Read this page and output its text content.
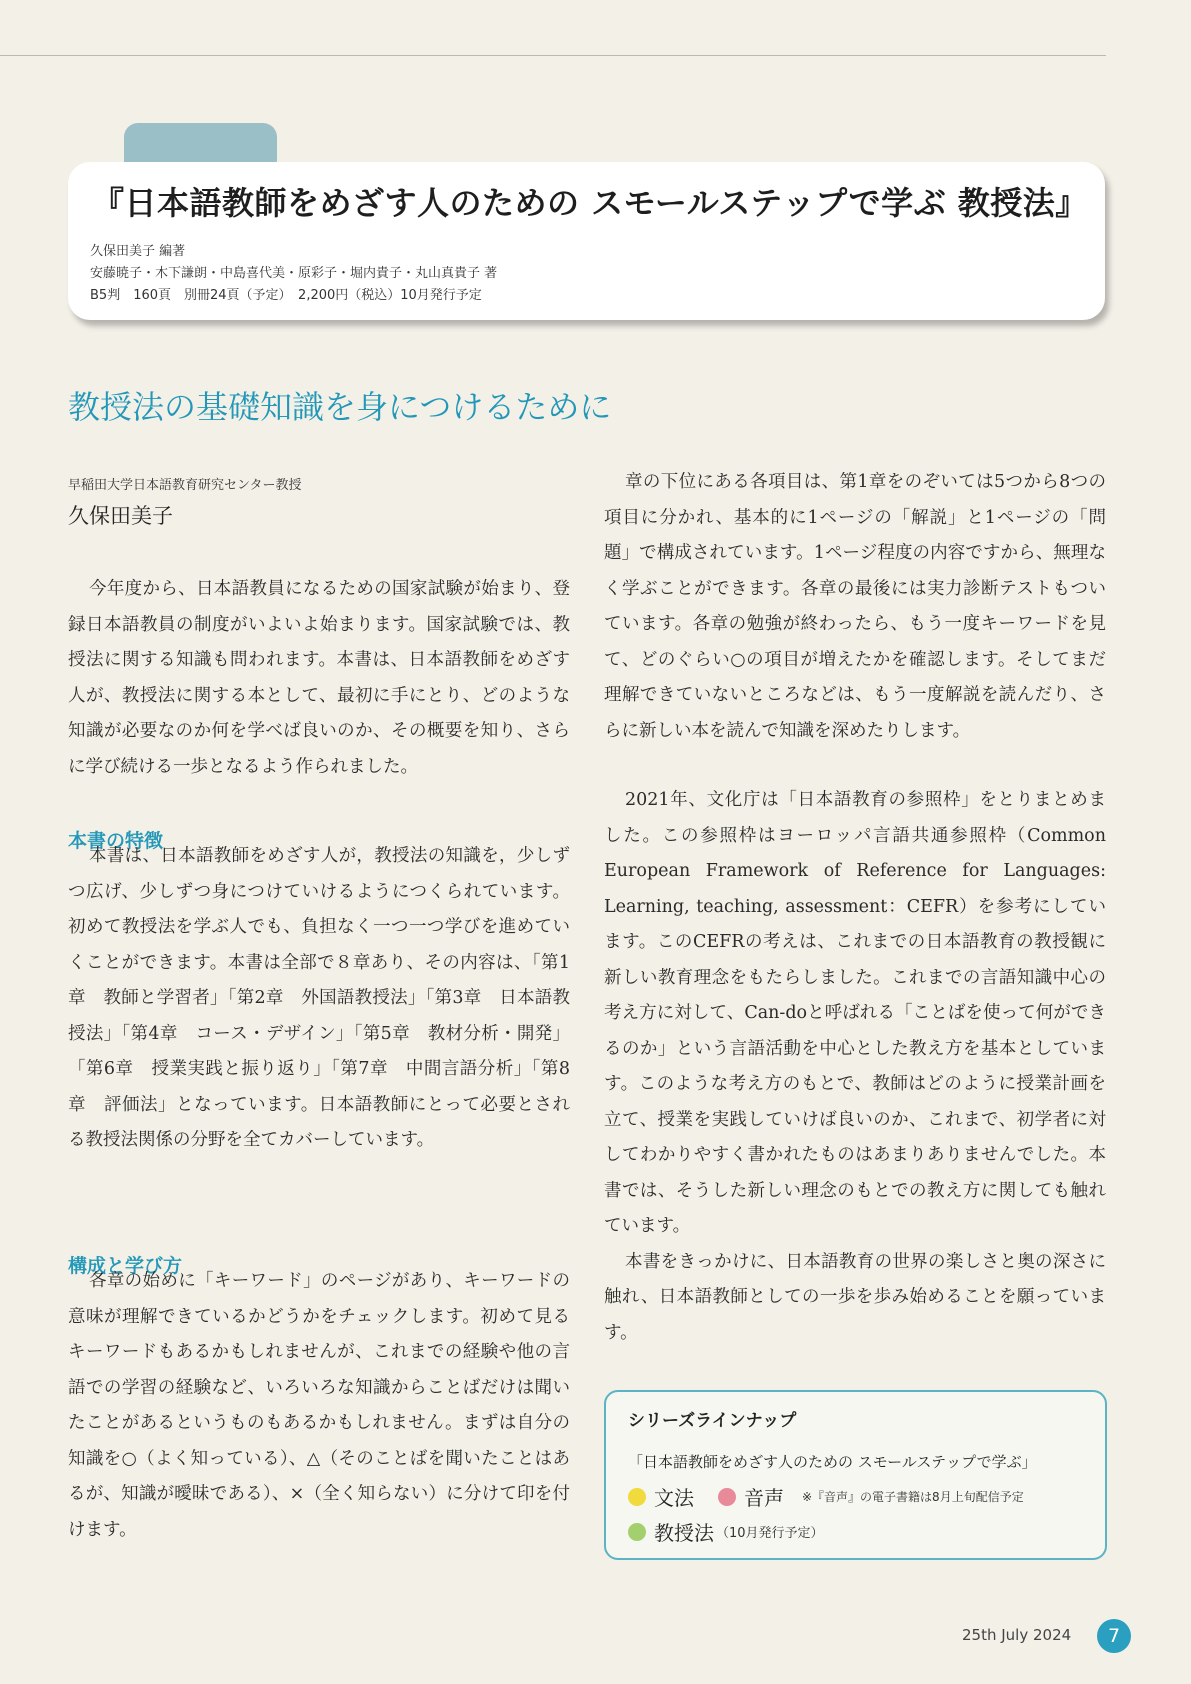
『日本語教師をめざす人のための スモールステップで学ぶ 教授法』
久保田美子 編著
安藤暁子・木下謙朗・中島喜代美・原彩子・堀内貴子・丸山真貴子 著
B5判　160頁　別冊24頁（予定）　2,200円（税込）10月発行予定
教授法の基礎知識を身につけるために
早稲田大学日本語教育研究センター教授
久保田美子

今年度から、日本語教員になるための国家試験が始まり、登録日本語教員の制度がいよいよ始まります。国家試験では、教授法に関する知識も問われます。本書は、日本語教師をめざす人が、教授法に関する本として、最初に手にとり、どのような知識が必要なのか何を学べば良いのか、その概要を知り、さらに学び続ける一歩となるよう作られました。

本書の特徴

本書は、日本語教師をめざす人が，教授法の知識を，少しずつ広げ、少しずつ身につけていけるようにつくられています。初めて教授法を学ぶ人でも、負担なく一つ一つ学びを進めていくことができます。本書は全部で８章あり、その内容は、「第1章　教師と学習者」「第2章　外国語教授法」「第3章　日本語教授法」「第4章　コース・デザイン」「第5章　教材分析・開発」「第6章　授業実践と振り返り」「第7章　中間言語分析」「第8章　評価法」となっています。日本語教師にとって必要とされる教授法関係の分野を全てカバーしています。

構成と学び方

各章の始めに「キーワード」のページがあり、キーワードの意味が理解できているかどうかをチェックします。初めて見るキーワードもあるかもしれませんが、これまでの経験や他の言語での学習の経験など、いろいろな知識からことばだけは聞いたことがあるというものもあるかもしれません。まずは自分の知識を○（よく知っている）、△（そのことばを聞いたことはあるが、知識が曖昧である）、×（全く知らない）に分けて印を付けます。

章の下位にある各項目は、第1章をのぞいては5つから8つの項目に分かれ、基本的に1ページの「解説」と1ページの「問題」で構成されています。1ページ程度の内容ですから、無理なく学ぶことができます。各章の最後には実力診断テストもついています。各章の勉強が終わったら、もう一度キーワードを見て、どのぐらい○の項目が増えたかを確認します。そしてまだ理解できていないところなどは、もう一度解説を読んだり、さらに新しい本を読んで知識を深めたりします。

2021年、文化庁は「日本語教育の参照枠」をとりまとめました。この参照枠はヨーロッパ言語共通参照枠（Common European Framework of Reference for Languages: Learning, teaching, assessment：CEFR）を参考にしています。このCEFRの考えは、これまでの日本語教育の教授観に新しい教育理念をもたらしました。これまでの言語知識中心の考え方に対して、Can-doと呼ばれる「ことばを使って何ができるのか」という言語活動を中心とした教え方を基本としています。このような考え方のもとで、教師はどのように授業計画を立て、授業を実践していけば良いのか、これまで、初学者に対してわかりやすく書かれたものはあまりありませんでした。本書では、そうした新しい理念のもとでの教え方に関しても触れています。

本書をきっかけに、日本語教育の世界の楽しさと奥の深さに触れ、日本語教師としての一歩を歩み始めることを願っています。

シリーズラインナップ
「日本語教師をめざす人のための スモールステップで学ぶ」
文法	音声 ※『音声』の電子書籍は8月上旬配信予定
教授法 （10月発行予定）
25th July 2024	7
